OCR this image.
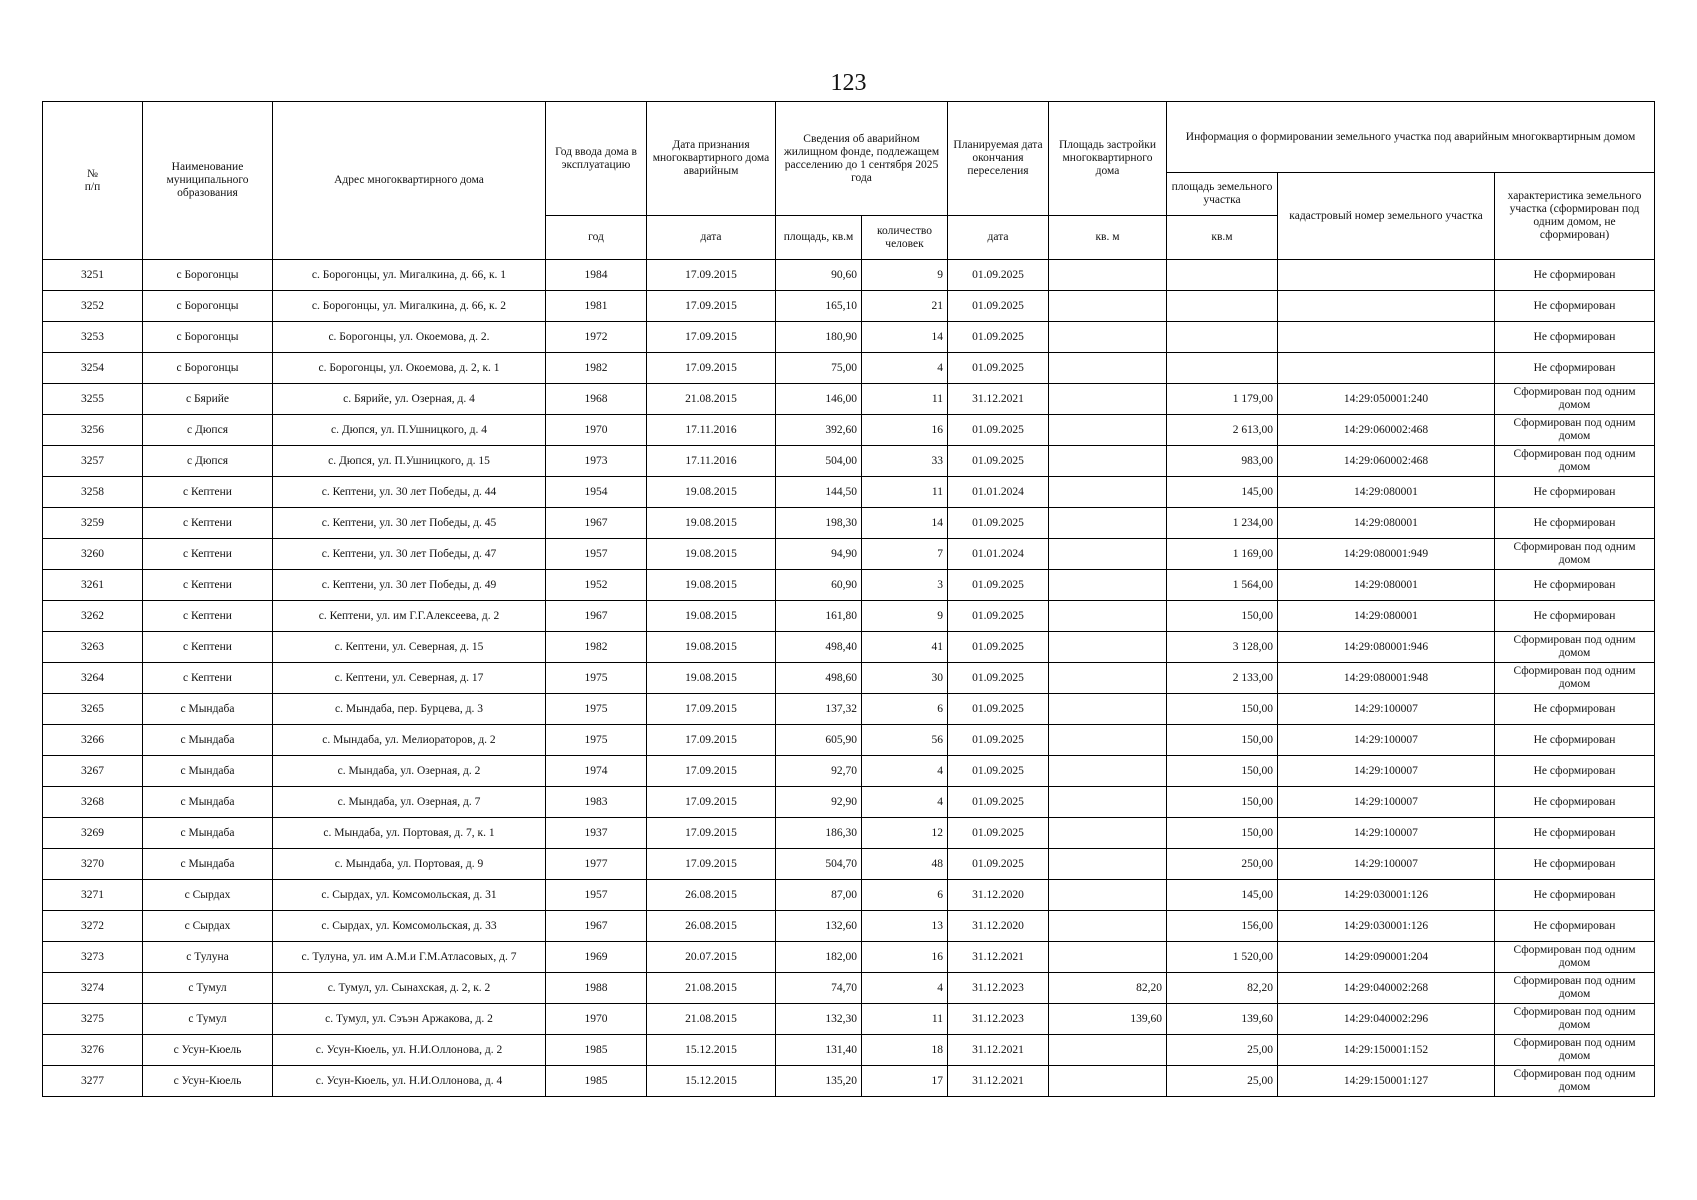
123
№
п/п	Наименование муниципального образования	Адрес многоквартирного дома	Год ввода дома в эксплуатацию	Дата признания многоквартирного дома аварийным	Сведения об аварийном жилищном фонде, подлежащем расселению до 1 сентября 2025 года		Планируемая дата окончания переселения	Площадь застройки многоквартирного дома	Информация о формировании земельного участка под аварийным многоквартирным домом		
									площадь земельного участка	кадастровый номер земельного участка	характеристика земельного участка (сформирован под одним домом, не сформирован)
			год	дата	площадь, кв.м	количество человек	дата	кв. м	кв.м		
3251	с Борогонцы	с. Борогонцы, ул. Мигалкина, д. 66, к. 1	1984	17.09.2015	90,60	9	01.09.2025				Не сформирован
3252	с Борогонцы	с. Борогонцы, ул. Мигалкина, д. 66, к. 2	1981	17.09.2015	165,10	21	01.09.2025				Не сформирован
3253	с Борогонцы	с. Борогонцы, ул. Окоемова, д. 2.	1972	17.09.2015	180,90	14	01.09.2025				Не сформирован
3254	с Борогонцы	с. Борогонцы, ул. Окоемова, д. 2, к. 1	1982	17.09.2015	75,00	4	01.09.2025				Не сформирован
3255	с Бярийе	с. Бярийе, ул. Озерная, д. 4	1968	21.08.2015	146,00	11	31.12.2021		1 179,00	14:29:050001:240	Сформирован под одним домом
3256	с Дюпся	с. Дюпся, ул. П.Ушницкого, д. 4	1970	17.11.2016	392,60	16	01.09.2025		2 613,00	14:29:060002:468	Сформирован под одним домом
3257	с Дюпся	с. Дюпся, ул. П.Ушницкого, д. 15	1973	17.11.2016	504,00	33	01.09.2025		983,00	14:29:060002:468	Сформирован под одним домом
3258	с Кептени	с. Кептени, ул. 30 лет Победы, д. 44	1954	19.08.2015	144,50	11	01.01.2024		145,00	14:29:080001	Не сформирован
3259	с Кептени	с. Кептени, ул. 30 лет Победы, д. 45	1967	19.08.2015	198,30	14	01.09.2025		1 234,00	14:29:080001	Не сформирован
3260	с Кептени	с. Кептени, ул. 30 лет Победы, д. 47	1957	19.08.2015	94,90	7	01.01.2024		1 169,00	14:29:080001:949	Сформирован под одним домом
3261	с Кептени	с. Кептени, ул. 30 лет Победы, д. 49	1952	19.08.2015	60,90	3	01.09.2025		1 564,00	14:29:080001	Не сформирован
3262	с Кептени	с. Кептени, ул. им Г.Г.Алексеева, д. 2	1967	19.08.2015	161,80	9	01.09.2025		150,00	14:29:080001	Не сформирован
3263	с Кептени	с. Кептени, ул. Северная, д. 15	1982	19.08.2015	498,40	41	01.09.2025		3 128,00	14:29:080001:946	Сформирован под одним домом
3264	с Кептени	с. Кептени, ул. Северная, д. 17	1975	19.08.2015	498,60	30	01.09.2025		2 133,00	14:29:080001:948	Сформирован под одним домом
3265	с Мындаба	с. Мындаба, пер. Бурцева, д. 3	1975	17.09.2015	137,32	6	01.09.2025		150,00	14:29:100007	Не сформирован
3266	с Мындаба	с. Мындаба, ул. Мелиораторов, д. 2	1975	17.09.2015	605,90	56	01.09.2025		150,00	14:29:100007	Не сформирован
3267	с Мындаба	с. Мындаба, ул. Озерная, д. 2	1974	17.09.2015	92,70	4	01.09.2025		150,00	14:29:100007	Не сформирован
3268	с Мындаба	с. Мындаба, ул. Озерная, д. 7	1983	17.09.2015	92,90	4	01.09.2025		150,00	14:29:100007	Не сформирован
3269	с Мындаба	с. Мындаба, ул. Портовая, д. 7, к. 1	1937	17.09.2015	186,30	12	01.09.2025		150,00	14:29:100007	Не сформирован
3270	с Мындаба	с. Мындаба, ул. Портовая, д. 9	1977	17.09.2015	504,70	48	01.09.2025		250,00	14:29:100007	Не сформирован
3271	с Сырдах	с. Сырдах, ул. Комсомольская, д. 31	1957	26.08.2015	87,00	6	31.12.2020		145,00	14:29:030001:126	Не сформирован
3272	с Сырдах	с. Сырдах, ул. Комсомольская, д. 33	1967	26.08.2015	132,60	13	31.12.2020		156,00	14:29:030001:126	Не сформирован
3273	с Тулуна	с. Тулуна, ул. им А.М.и Г.М.Атласовых, д. 7	1969	20.07.2015	182,00	16	31.12.2021		1 520,00	14:29:090001:204	Сформирован под одним домом
3274	с Тумул	с. Тумул, ул. Сынахская, д. 2, к. 2	1988	21.08.2015	74,70	4	31.12.2023	82,20	82,20	14:29:040002:268	Сформирован под одним домом
3275	с Тумул	с. Тумул, ул. Сэъэн Аржакова, д. 2	1970	21.08.2015	132,30	11	31.12.2023	139,60	139,60	14:29:040002:296	Сформирован под одним домом
3276	с Усун-Кюель	с. Усун-Кюель, ул. Н.И.Оллонова, д. 2	1985	15.12.2015	131,40	18	31.12.2021		25,00	14:29:150001:152	Сформирован под одним домом
3277	с Усун-Кюель	с. Усун-Кюель, ул. Н.И.Оллонова, д. 4	1985	15.12.2015	135,20	17	31.12.2021		25,00	14:29:150001:127	Сформирован под одним домом
